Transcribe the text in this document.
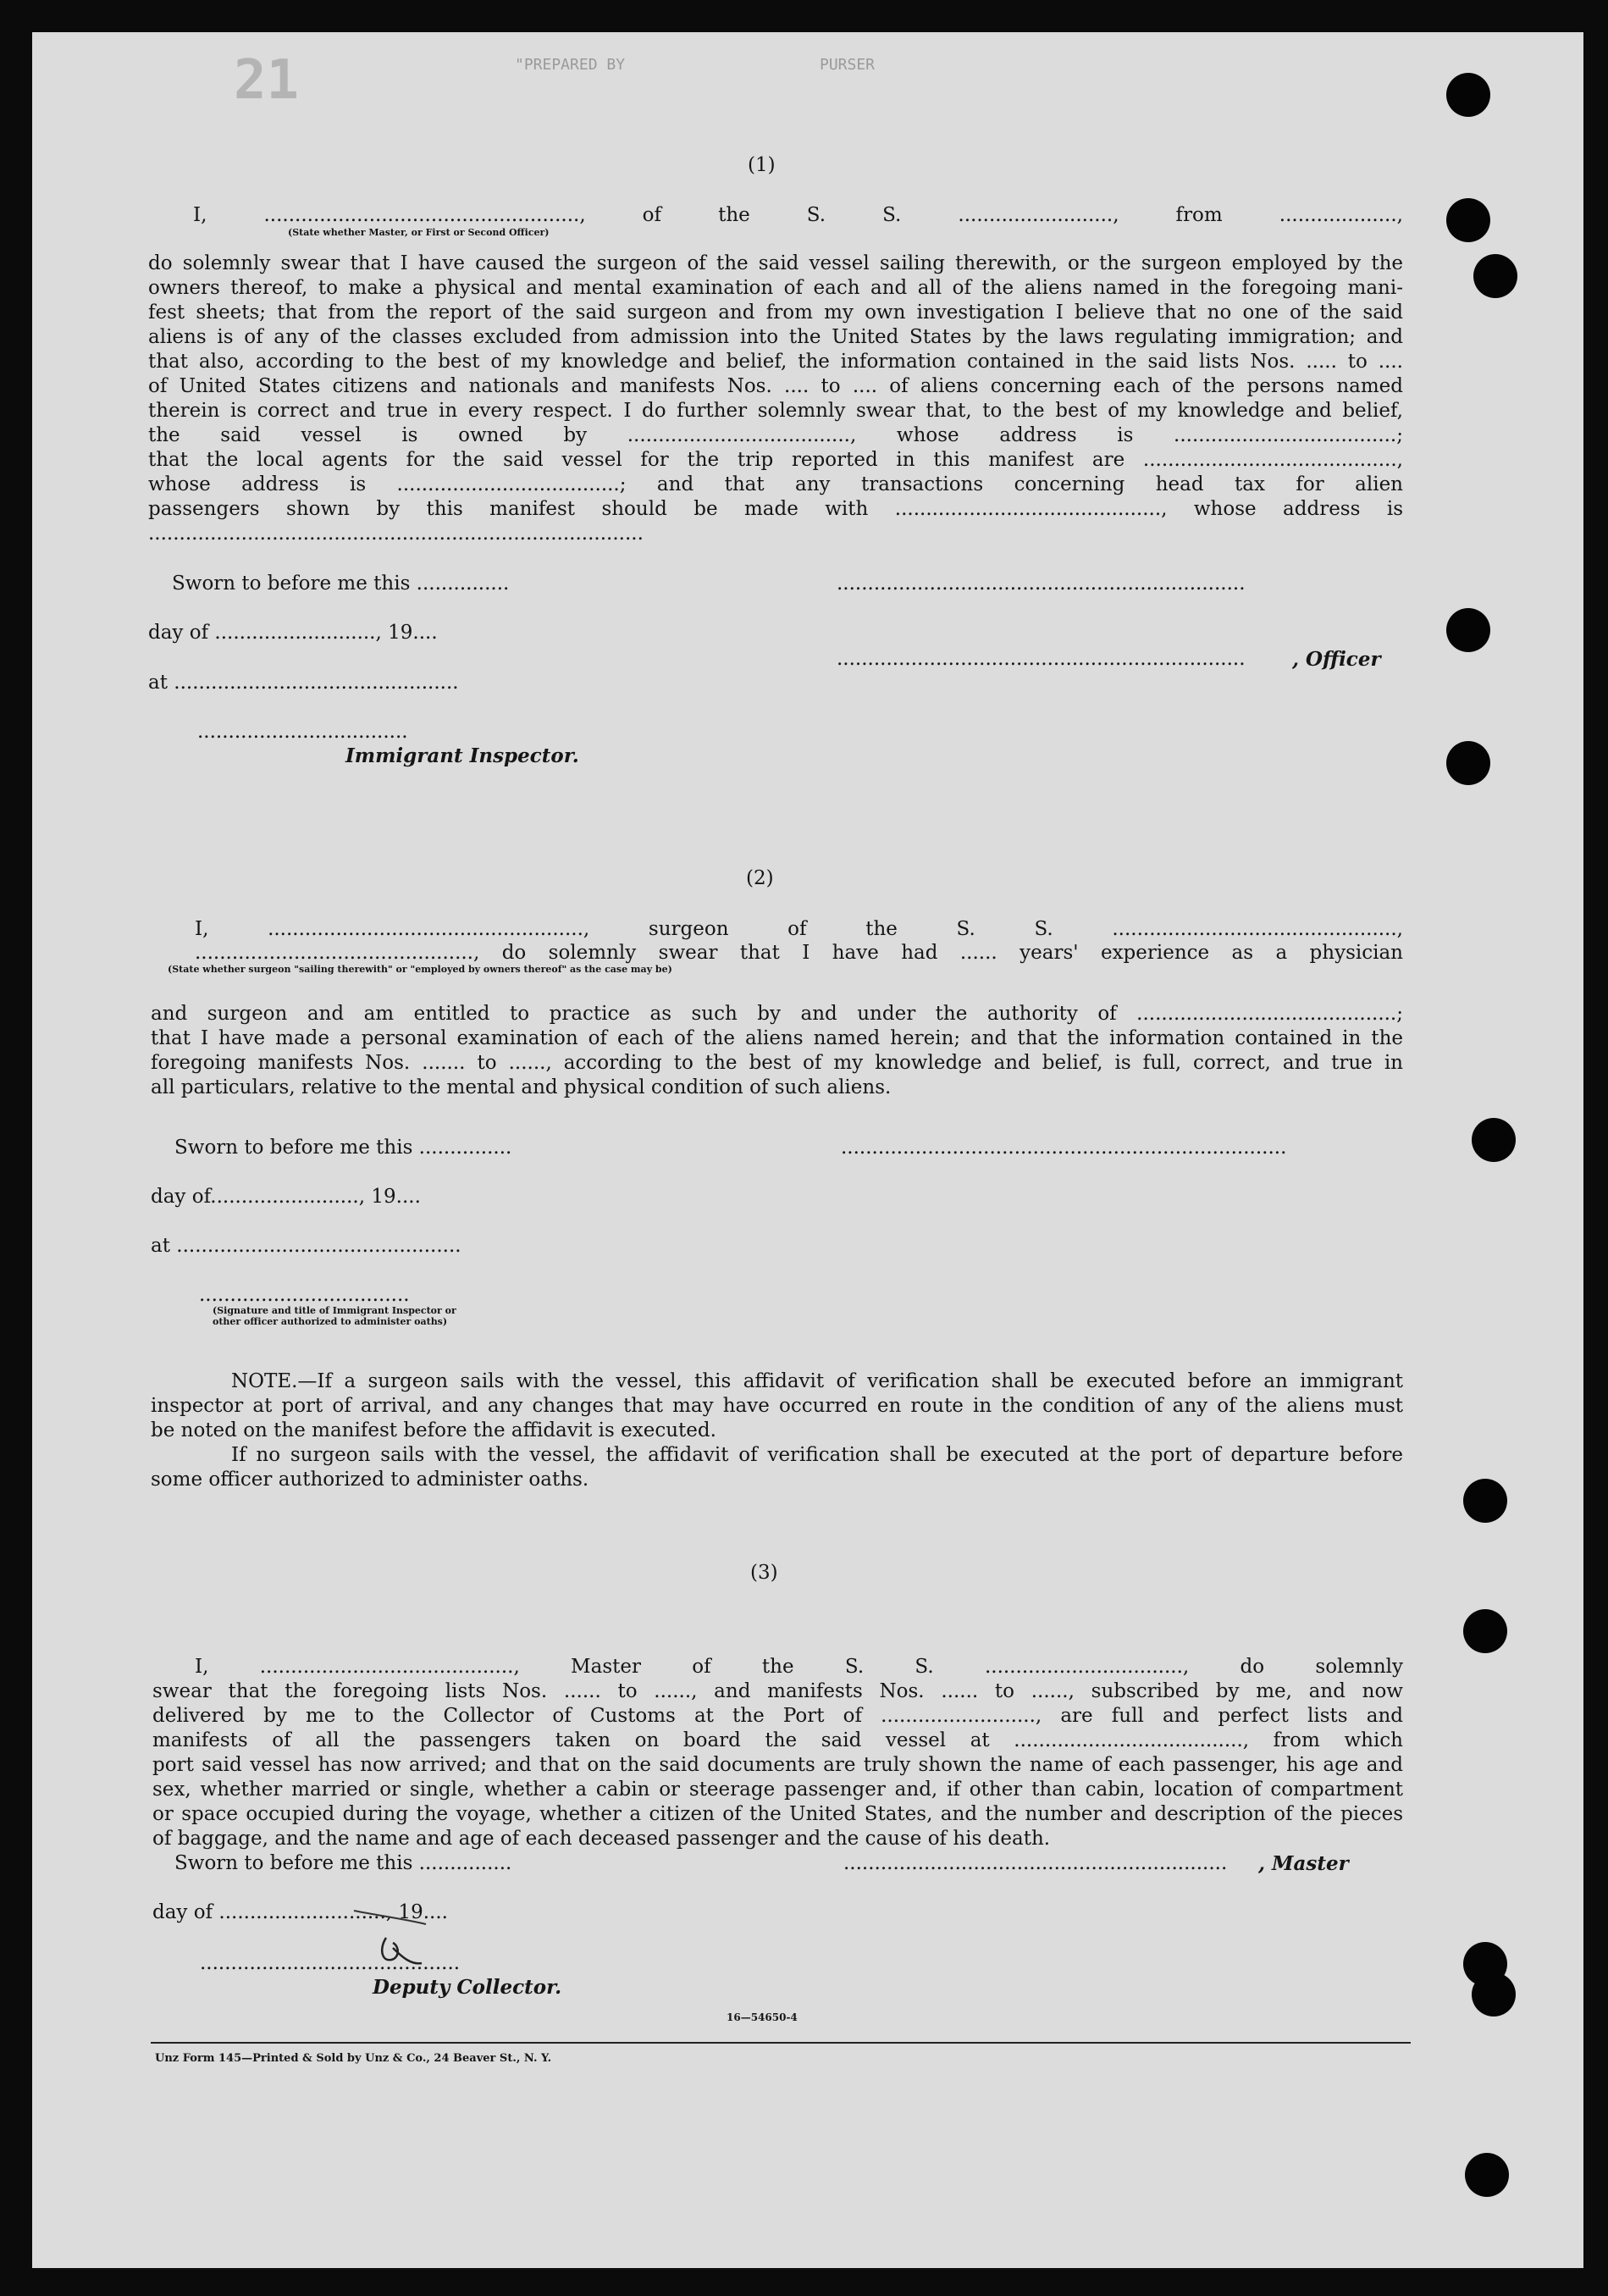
21	"PREPARED BY	PURSER
(1)
I, ..................................................., of the S. S. ........................., from ...................,
(State whether Master, or First or Second Officer)
do solemnly swear that I have caused the surgeon of the said vessel sailing therewith, or the surgeon employed by the
owners thereof, to make a physical and mental examination of each and all of the aliens named in the foregoing mani-
fest sheets; that from the report of the said surgeon and from my own investigation I believe that no one of the said
aliens is of any of the classes excluded from admission into the United States by the laws regulating immigration; and
that also, according to the best of my knowledge and belief, the information contained in the said lists Nos. ..... to ....
of United States citizens and nationals and manifests Nos. .... to .... of aliens concerning each of the persons named
therein is correct and true in every respect. I do further solemnly swear that, to the best of my knowledge and belief,
the said vessel is owned by ...................................., whose address is ....................................;
that the local agents for the said vessel for the trip reported in this manifest are .........................................,
whose address is ....................................; and that any transactions concerning head tax for alien
passengers shown by this manifest should be made with ..........................................., whose address is
................................................................................
Sworn to before me this ...............	..................................................................
day of .........................., 19....
.................................................................. , Officer
at ..............................................
..................................
Immigrant Inspector.
(2)
I, ..................................................., surgeon of the S. S. ..............................................,
............................................., do solemnly swear that I have had ...... years' experience as a physician
(State whether surgeon "sailing therewith" or "employed by owners thereof" as the case may be)
and surgeon and am entitled to practice as such by and under the authority of ..........................................;
that I have made a personal examination of each of the aliens named herein; and that the information contained in the
foregoing manifests Nos. ....... to ......, according to the best of my knowledge and belief, is full, correct, and true in
all particulars, relative to the mental and physical condition of such aliens.
Sworn to before me this ...............	........................................................................
day of........................, 19....
at ..............................................
..................................
(Signature and title of Immigrant Inspector or
other officer authorized to administer oaths)
NOTE.—If a surgeon sails with the vessel, this affidavit of verification shall be executed before an immigrant
inspector at port of arrival, and any changes that may have occurred en route in the condition of any of the aliens must
be noted on the manifest before the affidavit is executed.
If no surgeon sails with the vessel, the affidavit of verification shall be executed at the port of departure before
some officer authorized to administer oaths.
(3)
I, ........................................., Master of the S. S. ................................, do solemnly
swear that the foregoing lists Nos. ...... to ......, and manifests Nos. ...... to ......, subscribed by me, and now
delivered by me to the Collector of Customs at the Port of ........................., are full and perfect lists and
manifests of all the passengers taken on board the said vessel at ....................................., from which
port said vessel has now arrived; and that on the said documents are truly shown the name of each passenger, his age and
sex, whether married or single, whether a cabin or steerage passenger and, if other than cabin, location of compartment
or space occupied during the voyage, whether a citizen of the United States, and the number and description of the pieces
of baggage, and the name and age of each deceased passenger and the cause of his death.
Sworn to before me this ...............	.............................................................. , Master
day of ..........................., 19....
..........................................
Deputy Collector.
16—54650-4
Unz Form 145—Printed & Sold by Unz & Co., 24 Beaver St., N. Y.
